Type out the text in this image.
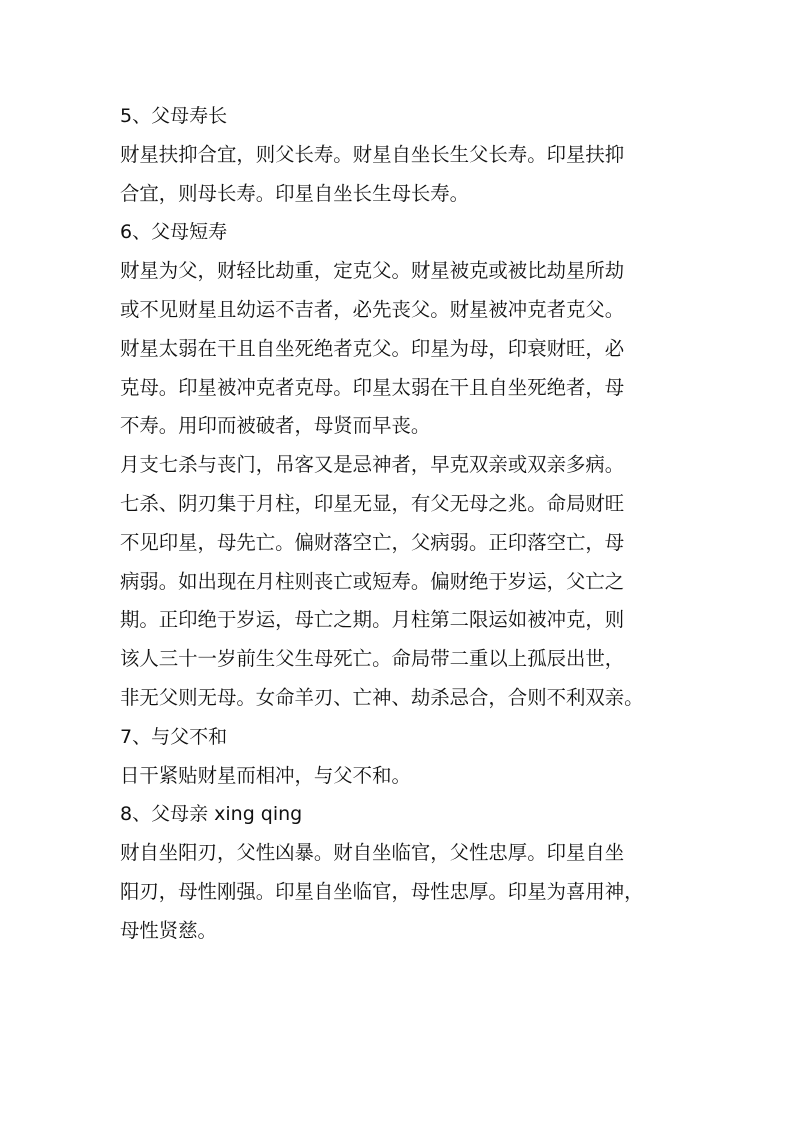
5、父母寿长
财星扶抑合宜，则父长寿。财星自坐长生父长寿。印星扶抑
合宜，则母长寿。印星自坐长生母长寿。
6、父母短寿
财星为父，财轻比劫重，定克父。财星被克或被比劫星所劫
或不见财星且幼运不吉者，必先丧父。财星被冲克者克父。
财星太弱在干且自坐死绝者克父。印星为母，印衰财旺，必
克母。印星被冲克者克母。印星太弱在干且自坐死绝者，母
不寿。用印而被破者，母贤而早丧。
月支七杀与丧门，吊客又是忌神者，早克双亲或双亲多病。
七杀、阴刃集于月柱，印星无显，有父无母之兆。命局财旺
不见印星，母先亡。偏财落空亡，父病弱。正印落空亡，母
病弱。如出现在月柱则丧亡或短寿。偏财绝于岁运，父亡之
期。正印绝于岁运，母亡之期。月柱第二限运如被冲克，则
该人三十一岁前生父生母死亡。命局带二重以上孤辰出世，
非无父则无母。女命羊刃、亡神、劫杀忌合，合则不利双亲。
7、与父不和
日干紧贴财星而相冲，与父不和。
8、父母亲 xing qing
财自坐阳刃，父性凶暴。财自坐临官，父性忠厚。印星自坐
阳刃，母性刚强。印星自坐临官，母性忠厚。印星为喜用神，
母性贤慈。
